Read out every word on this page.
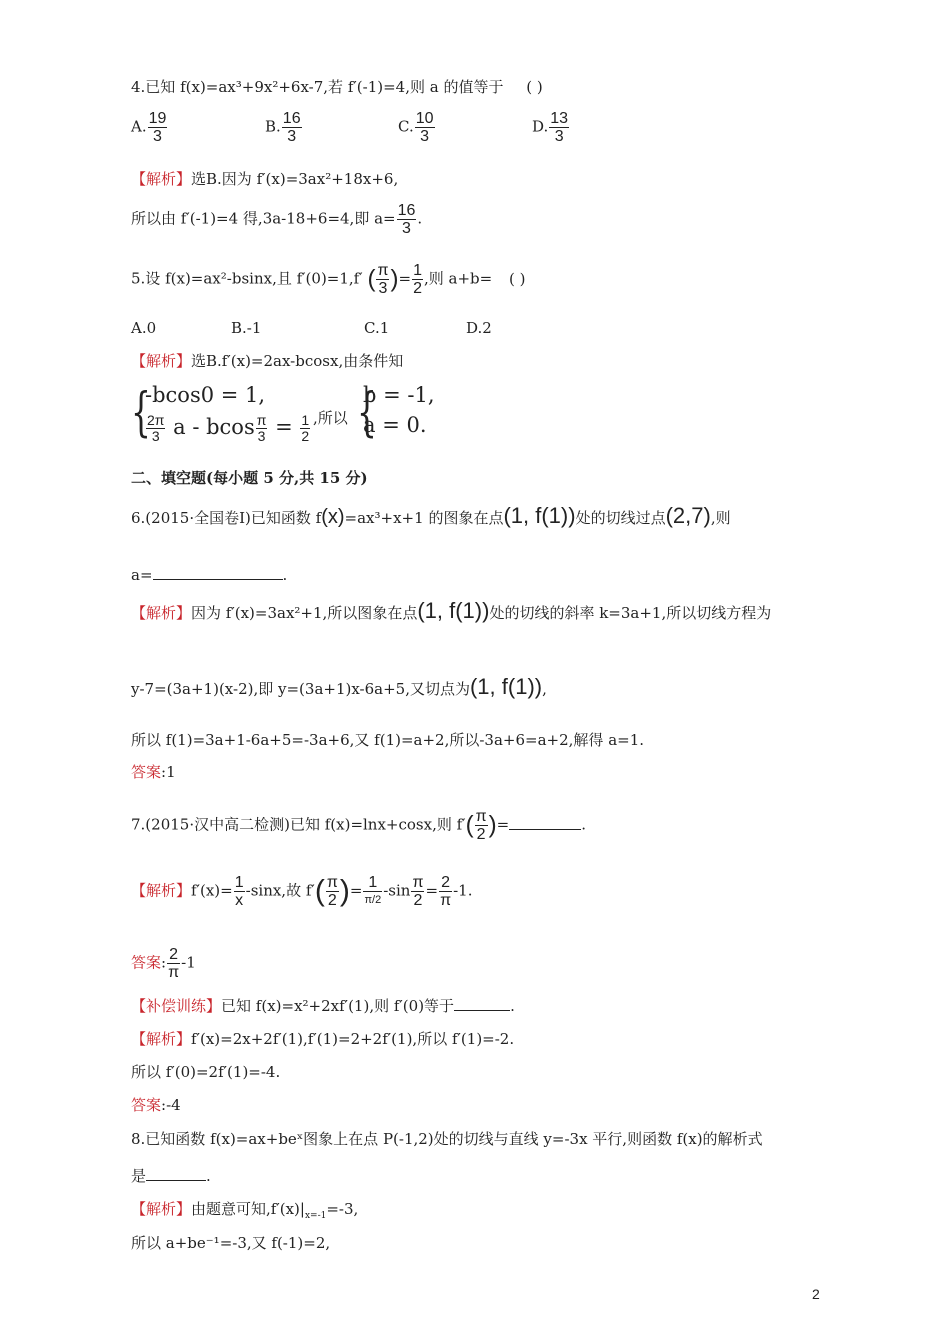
4.已知 f(x)=ax³+9x²+6x-7,若 f′(-1)=4,则 a 的值等于 ( )
A. $\frac{19}{3}$	B. $\frac{16}{3}$	C. $\frac{10}{3}$	D. $\frac{13}{3}$
【解析】选B.因为 f′(x)=3ax²+18x+6,
所以由 f′(-1)=4 得,3a-18+6=4,即 $a= \frac{16}{3}$ .
5.设 f(x)=ax²-bsinx,且 f′(0)=1,f′ ( $\frac{\pi}{3}$ )= $\frac{1}{2}$ ,则 a+b= ( )
A.0	B.-1	C.1	D.2
【解析】选B.f′(x)=2ax-bcosx,由条件知
{
-bcos0 = 1,
$\frac{2\pi}{3}$ a - bcos $\frac{\pi}{3} = \frac{1}{2}$ ,所以 {
b = -1,
a = 0.
二、填空题(每小题 5 分,共 15 分)
6.(2015·全国卷Ⅰ)已知函数 f(x)=ax³+x+1 的图象在点(1, f(1))处的切线过点(2,7),则
a=	.
【解析】因为 f′(x)=3ax²+1,所以图象在点(1, f(1))处的切线的斜率 k=3a+1,所以切线方程为
y-7=(3a+1)(x-2),即 y=(3a+1)x-6a+5,又切点为(1, f(1)),
所以 f(1)=3a+1-6a+5=-3a+6,又 f(1)=a+2,所以-3a+6=a+2,解得 a=1.
答案:1
7.(2015·汉中高二检测)已知 f(x)=lnx+cosx,则 $f'( \frac{\pi}{2}$ )=	.
【解析】$f'(x)= \frac{1}{x} -\sin x$,故 $f'( \frac{\pi}{2}$ )= 1
π/2
$-\sin \frac{\pi}{2} = \frac{2}{\pi} -1$.
答案: $\frac{2}{\pi} -1$
【补偿训练】已知 f(x)=x²+2xf′(1),则 f′(0)等于	.
【解析】f′(x)=2x+2f′(1),f′(1)=2+2f′(1),所以 f′(1)=-2.
所以 f′(0)=2f′(1)=-4.
答案:-4
8.已知函数 f(x)=ax+beˣ图象上在点 P(-1,2)处的切线与直线 y=-3x 平行,则函数 f(x)的解析式
是	.
【解析】由题意可知$,f'(x)|_{x=-1}=-3$,
所以 a+be⁻¹=-3,又 f(-1)=2,
2
